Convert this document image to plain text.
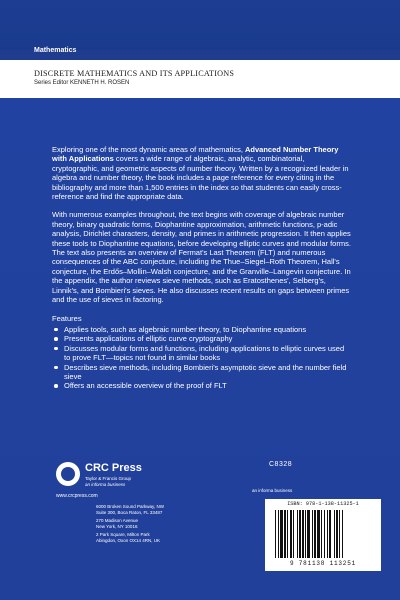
Mathematics
DISCRETE MATHEMATICS AND ITS APPLICATIONS
Series Editor KENNETH H. ROSEN

Exploring one of the most dynamic areas of mathematics, Advanced Number Theory with Applications covers a wide range of algebraic, analytic, combinatorial, cryptographic, and geometric aspects of number theory. Written by a recognized leader in algebra and number theory, the book includes a page reference for every citing in the bibliography and more than 1,500 entries in the index so that students can easily cross-reference and find the appropriate data.

With numerous examples throughout, the text begins with coverage of algebraic number theory, binary quadratic forms, Diophantine approximation, arithmetic functions, p-adic analysis, Dirichlet characters, density, and primes in arithmetic progression. It then applies these tools to Diophantine equations, before developing elliptic curves and modular forms. The text also presents an overview of Fermat's Last Theorem (FLT) and numerous consequences of the ABC conjecture, including the Thue–Siegel–Roth Theorem, Hall's conjecture, the Erdős–Mollin–Walsh conjecture, and the Granville–Langevin conjecture. In the appendix, the author reviews sieve methods, such as Eratosthenes', Selberg's, Linnik's, and Bombieri's sieves. He also discusses recent results on gaps between primes and the use of sieves in factoring.

Features
Applies tools, such as algebraic number theory, to Diophantine equations
Presents applications of elliptic curve cryptography
Discusses modular forms and functions, including applications to elliptic curves used to prove FLT—topics not found in similar books
Describes sieve methods, including Bombieri's asymptotic sieve and the number field sieve
Offers an accessible overview of the proof of FLT
CRC Press
Taylor & Francis Group
an informa business
www.crcpress.com
6000 Broken Sound Parkway, NW
Suite 300, Boca Raton, FL 33487
270 Madison Avenue
New York, NY 10016
2 Park Square, Milton Park
Abingdon, Oxon OX14 4RN, UK
C8328
an informa business
ISBN: 978-1-138-11325-1
9 781138 113251
